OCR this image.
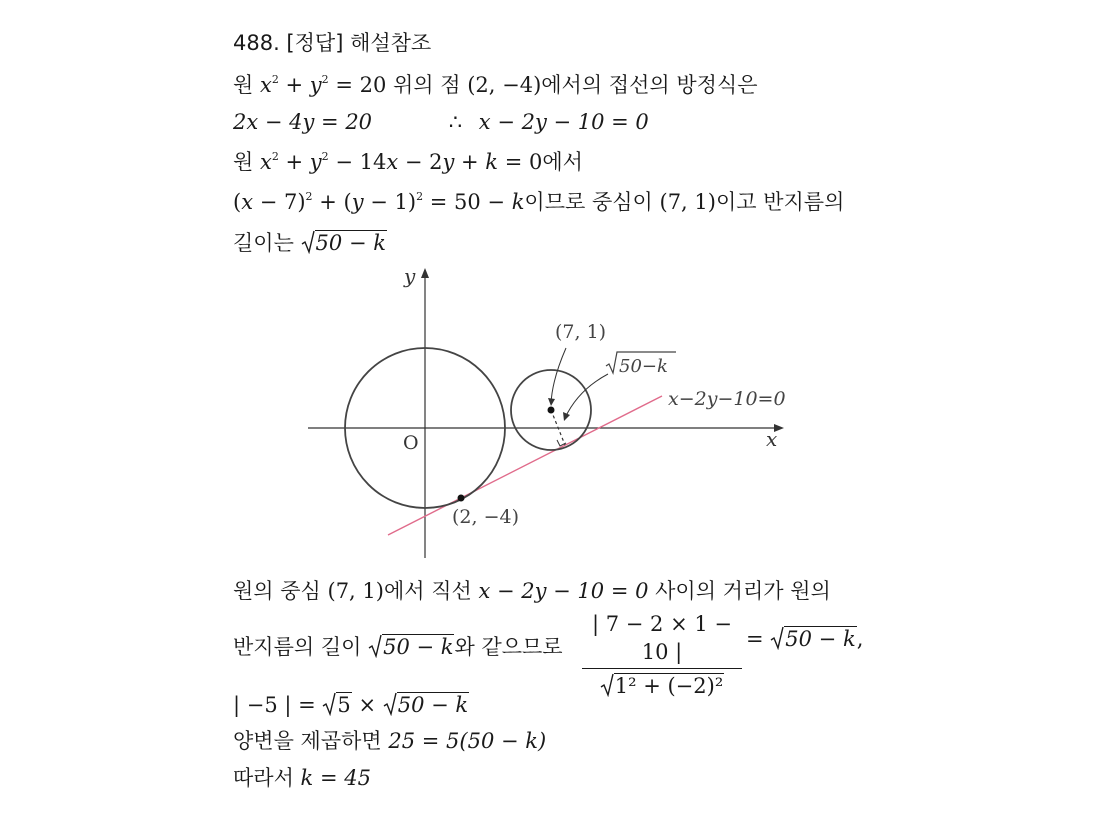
488. [정답] 해설참조
원 $x^2 + y^2 = 20$ 위의 점 (2, −4)에서의 접선의 방정식은
2x − 4y = 20	∴ x − 2y − 10 = 0
원 $x^2 + y^2 - 14x - 2y + k = 0$에서
$(x - 7)^2 + (y - 1)^2 = 50 - k$이므로 중심이 (7, 1)이고 반지름의
길이는
50 − k
y
x
O
(7, 1)
50−k
x−2y−10=0
(2, −4)
원의 중심 (7, 1)에서 직선 x − 2y − 10 = 0 사이의 거리가 원의
반지름의 길이
50 − k와 같으므로
| 7 − 2 × 1 − 10 |
1² + (−2)²
=
50 − k,
| −5 | =
5 ×
50 − k
양변을 제곱하면 25 = 5(50 − k)
따라서 k = 45
